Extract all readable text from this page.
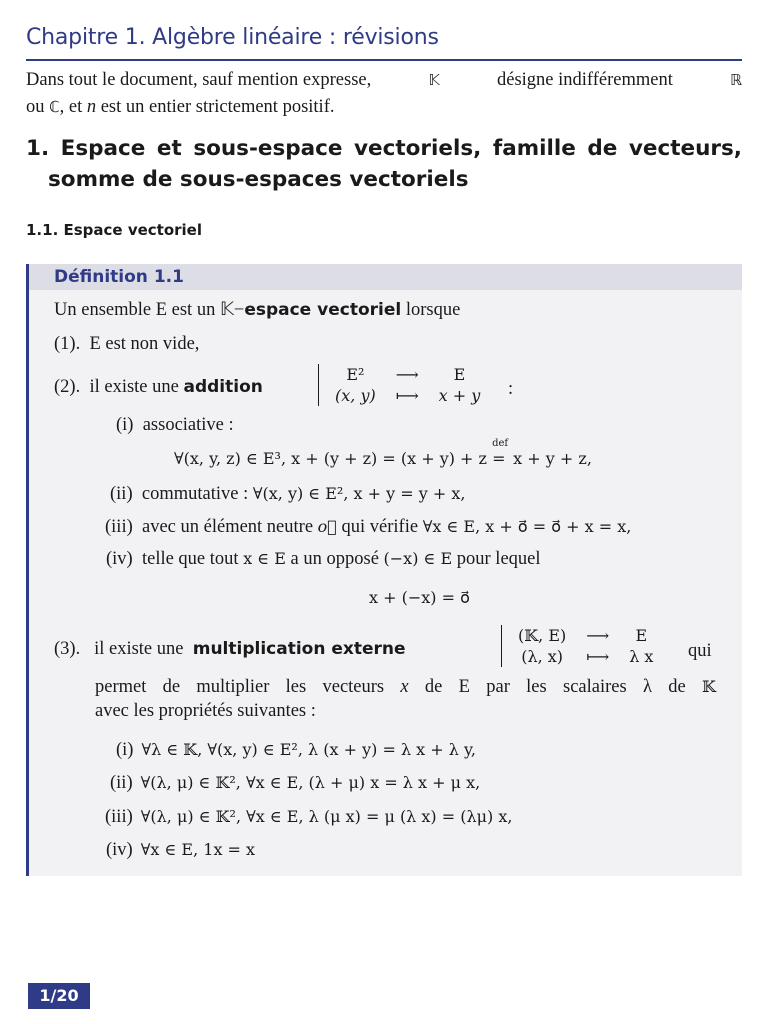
Chapitre 1. Algèbre linéaire : révisions
Dans tout le document, sauf mention expresse,	𝕂	désigne indifféremment	ℝ
ou ℂ, et n est un entier strictement positif.
1. Espace et sous-espace vectoriels, famille de vecteurs,
somme de sous-espaces vectoriels
1.1. Espace vectoriel
Définition 1.1
Un ensemble E est un 𝕂−espace vectoriel lorsque
(1). E est non vide,
(2). il existe une addition
E²	⟶	E
(x, y)	⟼	x + y :
(i) associative :
∀(x, y, z) ∈ E³, x + (y + z) = (x + y) + z
def
= x + y + z,
(ii) commutative : ∀(x, y) ∈ E², x + y = y + x,
(iii) avec un élément neutre o⃗ qui vérifie ∀x ∈ E, x + o⃗ = o⃗ + x = x,
(iv) telle que tout x ∈ E a un opposé (−x) ∈ E pour lequel
x + (−x) = o⃗
(3). il existe une multiplication externe
(𝕂, E)	⟶	E
(λ, x)	⟼	λ x qui
permet de multiplier les vecteurs x de E par les scalaires λ de 𝕂
avec les propriétés suivantes :
(i) ∀λ ∈ 𝕂, ∀(x, y) ∈ E², λ (x + y) = λ x + λ y,
(ii) ∀(λ, μ) ∈ 𝕂², ∀x ∈ E, (λ + μ) x = λ x + μ x,
(iii) ∀(λ, μ) ∈ 𝕂², ∀x ∈ E, λ (μ x) = μ (λ x) = (λμ) x,
(iv) ∀x ∈ E, 1x = x
1/20
